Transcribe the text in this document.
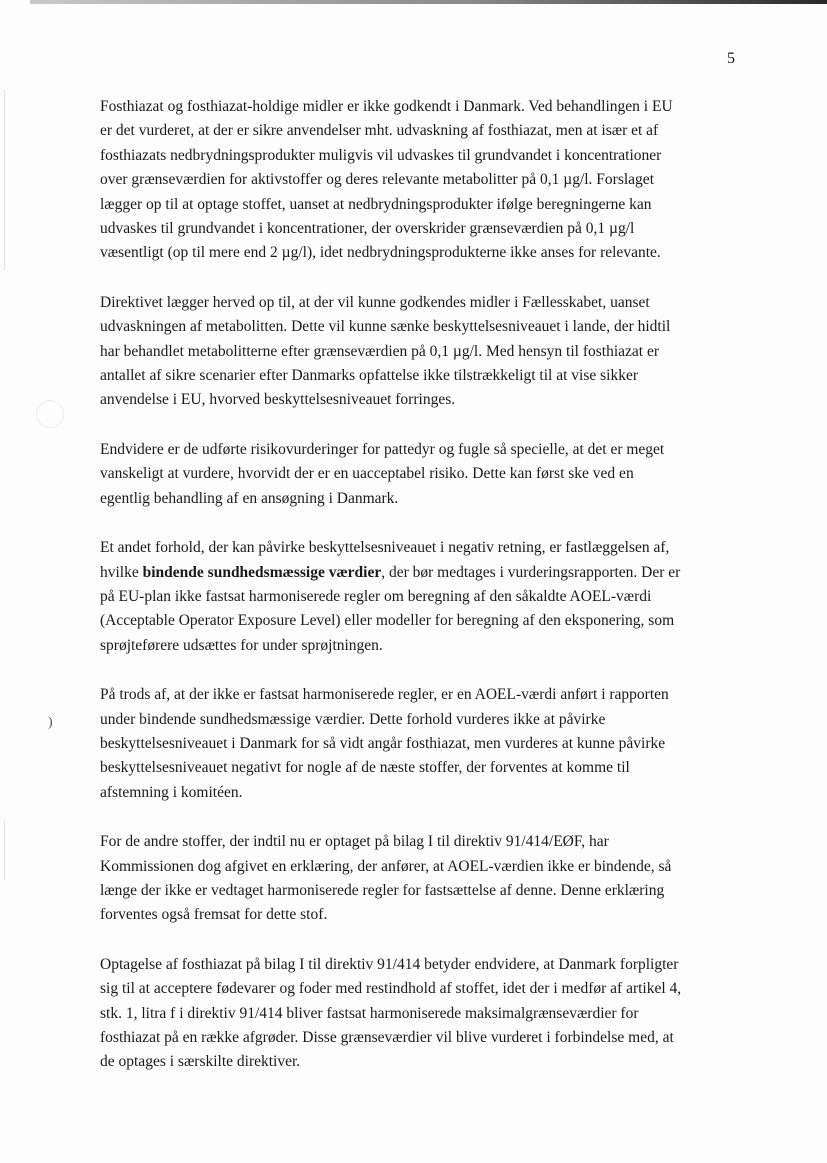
5
)

Fosthiazat og fosthiazat-holdige midler er ikke godkendt i Danmark. Ved behandlingen i EU
er det vurderet, at der er sikre anvendelser mht. udvaskning af fosthiazat, men at især et af
fosthiazats nedbrydningsprodukter muligvis vil udvaskes til grundvandet i koncentrationer
over grænseværdien for aktivstoffer og deres relevante metabolitter på 0,1 µg/l. Forslaget
lægger op til at optage stoffet, uanset at nedbrydningsprodukter ifølge beregningerne kan
udvaskes til grundvandet i koncentrationer, der overskrider grænseværdien på 0,1 µg/l
væsentligt (op til mere end 2 µg/l), idet nedbrydningsprodukterne ikke anses for relevante.

Direktivet lægger herved op til, at der vil kunne godkendes midler i Fællesskabet, uanset
udvaskningen af metabolitten. Dette vil kunne sænke beskyttelsesniveauet i lande, der hidtil
har behandlet metabolitterne efter grænseværdien på 0,1 µg/l. Med hensyn til fosthiazat er
antallet af sikre scenarier efter Danmarks opfattelse ikke tilstrækkeligt til at vise sikker
anvendelse i EU, hvorved beskyttelsesniveauet forringes.

Endvidere er de udførte risikovurderinger for pattedyr og fugle så specielle, at det er meget
vanskeligt at vurdere, hvorvidt der er en uacceptabel risiko. Dette kan først ske ved en
egentlig behandling af en ansøgning i Danmark.

Et andet forhold, der kan påvirke beskyttelsesniveauet i negativ retning, er fastlæggelsen af,
hvilke bindende sundhedsmæssige værdier, der bør medtages i vurderingsrapporten. Der er
på EU-plan ikke fastsat harmoniserede regler om beregning af den såkaldte AOEL-værdi
(Acceptable Operator Exposure Level) eller modeller for beregning af den eksponering, som
sprøjteførere udsættes for under sprøjtningen.

På trods af, at der ikke er fastsat harmoniserede regler, er en AOEL-værdi anført i rapporten
under bindende sundhedsmæssige værdier. Dette forhold vurderes ikke at påvirke
beskyttelsesniveauet i Danmark for så vidt angår fosthiazat, men vurderes at kunne påvirke
beskyttelsesniveauet negativt for nogle af de næste stoffer, der forventes at komme til
afstemning i komitéen.

For de andre stoffer, der indtil nu er optaget på bilag I til direktiv 91/414/EØF, har
Kommissionen dog afgivet en erklæring, der anfører, at AOEL-værdien ikke er bindende, så
længe der ikke er vedtaget harmoniserede regler for fastsættelse af denne. Denne erklæring
forventes også fremsat for dette stof.

Optagelse af fosthiazat på bilag I til direktiv 91/414 betyder endvidere, at Danmark forpligter
sig til at acceptere fødevarer og foder med restindhold af stoffet, idet der i medfør af artikel 4,
stk. 1, litra f i direktiv 91/414 bliver fastsat harmoniserede maksimalgrænseværdier for
fosthiazat på en række afgrøder. Disse grænseværdier vil blive vurderet i forbindelse med, at
de optages i særskilte direktiver.
